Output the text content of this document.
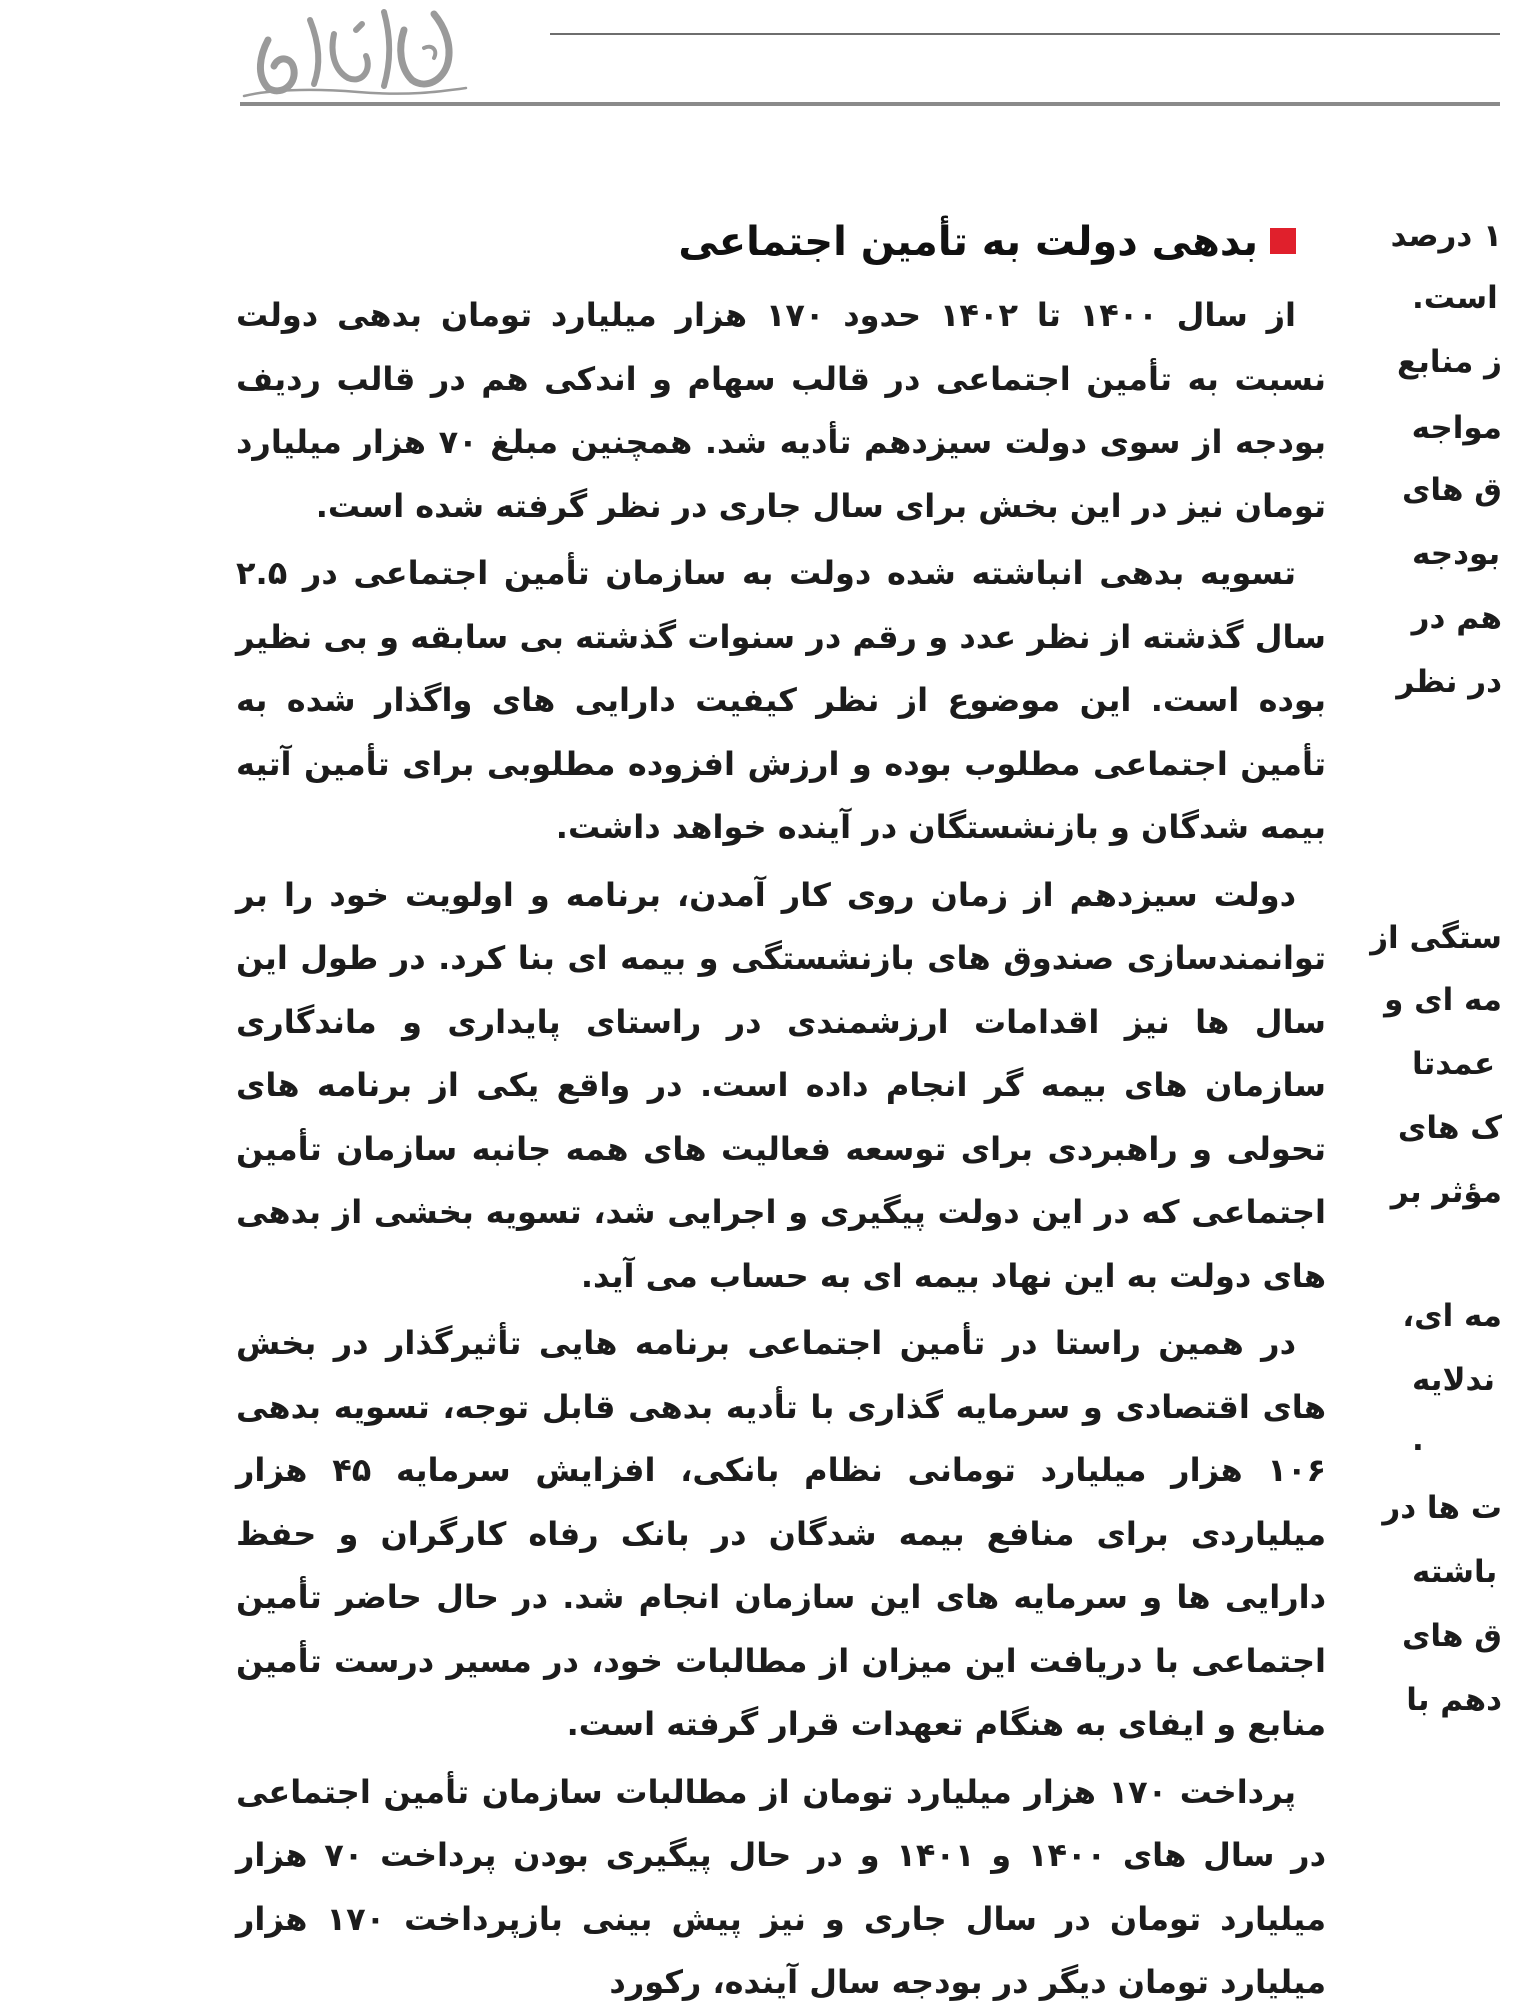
بدهی دولت به تأمین اجتماعی

از سال ۱۴۰۰ تا ۱۴۰۲ حدود ۱۷۰ هزار میلیارد تومان بدهی دولت نسبت به تأمین اجتماعی در قالب سهام و اندکی هم در قالب ردیف بودجه از سوی دولت سیزدهم تأدیه شد. همچنین مبلغ ۷۰ هزار میلیارد تومان نیز در این بخش برای سال جاری در نظر گرفته شده است.

تسویه بدهی انباشته شده دولت به سازمان تأمین اجتماعی در ۲.۵ سال گذشته از نظر عدد و رقم در سنوات گذشته بی سابقه و بی نظیر بوده است. این موضوع از نظر کیفیت دارایی های واگذار شده به تأمین اجتماعی مطلوب بوده و ارزش افزوده مطلوبی برای تأمین آتیه بیمه شدگان و بازنشستگان در آینده خواهد داشت.

دولت سیزدهم از زمان روی کار آمدن، برنامه و اولویت خود را بر توانمندسازی صندوق های بازنشستگی و بیمه ای بنا کرد. در طول این سال ها نیز اقدامات ارزشمندی در راستای پایداری و ماندگاری سازمان های بیمه گر انجام داده است. در واقع یکی از برنامه های تحولی و راهبردی برای توسعه فعالیت های همه جانبه سازمان تأمین اجتماعی که در این دولت پیگیری و اجرایی شد، تسویه بخشی از بدهی های دولت به این نهاد بیمه ای به حساب می آید.

در همین راستا در تأمین اجتماعی برنامه هایی تأثیرگذار در بخش های اقتصادی و سرمایه گذاری با تأدیه بدهی قابل توجه، تسویه بدهی ۱۰۶ هزار میلیارد تومانی نظام بانکی، افزایش سرمایه ۴۵ هزار میلیاردی برای منافع بیمه شدگان در بانک رفاه کارگران و حفظ دارایی ها و سرمایه های این سازمان انجام شد. در حال حاضر تأمین اجتماعی با دریافت این میزان از مطالبات خود، در مسیر درست تأمین منابع و ایفای به هنگام تعهدات قرار گرفته است.

پرداخت ۱۷۰ هزار میلیارد تومان از مطالبات سازمان تأمین اجتماعی در سال های ۱۴۰۰ و ۱۴۰۱ و در حال پیگیری بودن پرداخت ۷۰ هزار میلیارد تومان در سال جاری و نیز پیش بینی بازپرداخت ۱۷۰ هزار میلیارد تومان دیگر در بودجه سال آینده، رکورد

۱ درصد
است.
ز منابع
مواجه
ق های
بودجه
هم در
در نظر
ستگی از
مه ای و
عمدتا
ک های
مؤثر بر
مه ای،
ندلایه
.
ت ها در
باشته
ق های
دهم با
